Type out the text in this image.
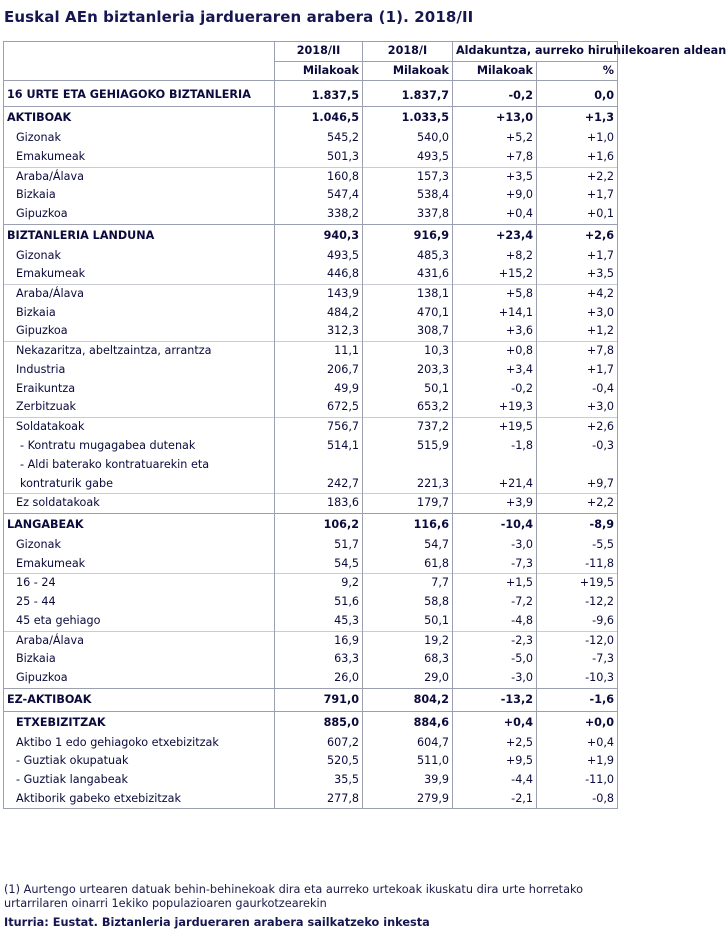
Euskal AEn biztanleria jardueraren arabera (1). 2018/II
	2018/II	2018/I	Aldakuntza, aurreko hiruhilekoaren aldean	
	Milakoak	Milakoak	Milakoak	%
16 URTE ETA GEHIAGOKO BIZTANLERIA	1.837,5	1.837,7	-0,2	0,0
AKTIBOAK	1.046,5	1.033,5	+13,0	+1,3
Gizonak	545,2	540,0	+5,2	+1,0
Emakumeak	501,3	493,5	+7,8	+1,6
Araba/Álava	160,8	157,3	+3,5	+2,2
Bizkaia	547,4	538,4	+9,0	+1,7
Gipuzkoa	338,2	337,8	+0,4	+0,1
BIZTANLERIA LANDUNA	940,3	916,9	+23,4	+2,6
Gizonak	493,5	485,3	+8,2	+1,7
Emakumeak	446,8	431,6	+15,2	+3,5
Araba/Álava	143,9	138,1	+5,8	+4,2
Bizkaia	484,2	470,1	+14,1	+3,0
Gipuzkoa	312,3	308,7	+3,6	+1,2
Nekazaritza, abeltzaintza, arrantza	11,1	10,3	+0,8	+7,8
Industria	206,7	203,3	+3,4	+1,7
Eraikuntza	49,9	50,1	-0,2	-0,4
Zerbitzuak	672,5	653,2	+19,3	+3,0
Soldatakoak	756,7	737,2	+19,5	+2,6
- Kontratu mugagabea dutenak	514,1	515,9	-1,8	-0,3
- Aldi baterako kontratuarekin eta kontraturik gabe	242,7	221,3	+21,4	+9,7
Ez soldatakoak	183,6	179,7	+3,9	+2,2
LANGABEAK	106,2	116,6	-10,4	-8,9
Gizonak	51,7	54,7	-3,0	-5,5
Emakumeak	54,5	61,8	-7,3	-11,8
16 - 24	9,2	7,7	+1,5	+19,5
25 - 44	51,6	58,8	-7,2	-12,2
45 eta gehiago	45,3	50,1	-4,8	-9,6
Araba/Álava	16,9	19,2	-2,3	-12,0
Bizkaia	63,3	68,3	-5,0	-7,3
Gipuzkoa	26,0	29,0	-3,0	-10,3
EZ-AKTIBOAK	791,0	804,2	-13,2	-1,6
ETXEBIZITZAK	885,0	884,6	+0,4	+0,0
Aktibo 1 edo gehiagoko etxebizitzak	607,2	604,7	+2,5	+0,4
- Guztiak okupatuak	520,5	511,0	+9,5	+1,9
- Guztiak langabeak	35,5	39,9	-4,4	-11,0
Aktiborik gabeko etxebizitzak	277,8	279,9	-2,1	-0,8
(1) Aurtengo urtearen datuak behin-behinekoak dira eta aurreko urtekoak ikuskatu dira urte horretako urtarrilaren oinarri 1ekiko populazioaren gaurkotzearekin
Iturria: Eustat. Biztanleria jardueraren arabera sailkatzeko inkesta
